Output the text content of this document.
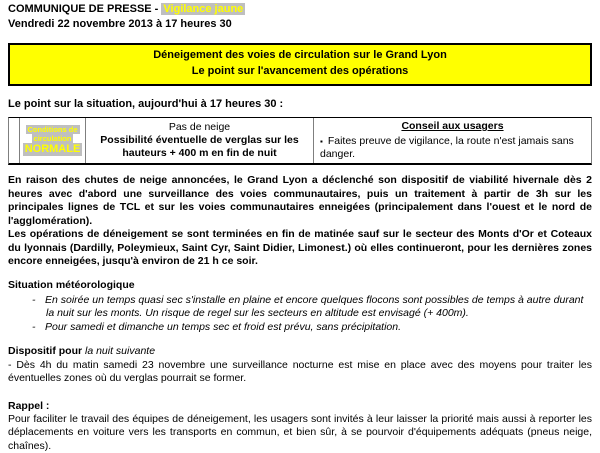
COMMUNIQUE DE PRESSE - Vigilance jaune
Vendredi 22 novembre 2013 à 17 heures 30
Déneigement des voies de circulation sur le Grand Lyon
Le point sur l'avancement des opérations
Le point sur la situation, aujourd'hui à 17 heures 30 :
Conditions de
circulation
NORMALE
Pas de neige
Possibilité éventuelle de verglas sur les hauteurs + 400 m en fin de nuit
Conseil aux usagers
▪ Faites preuve de vigilance, la route n'est jamais sans danger.
En raison des chutes de neige annoncées, le Grand Lyon a déclenché son dispositif de viabilité hivernale dès 2 heures avec d'abord une surveillance des voies communautaires, puis un traitement à partir de 3h sur les principales lignes de TCL et sur les voies communautaires enneigées (principalement dans l'ouest et le nord de l'agglomération).
Les opérations de déneigement se sont terminées en fin de matinée sauf sur le secteur des Monts d'Or et Coteaux du lyonnais (Dardilly, Poleymieux, Saint Cyr, Saint Didier, Limonest.) où elles continueront, pour les dernières zones encore enneigées, jusqu'à environ de 21 h ce soir.
Situation météorologique
- En soirée un temps quasi sec s'installe en plaine et encore quelques flocons sont possibles de temps à autre durant la nuit sur les monts. Un risque de regel sur les secteurs en altitude est envisagé (+ 400m).
- Pour samedi et dimanche un temps sec et froid est prévu, sans précipitation.
Dispositif pour la nuit suivante
- Dès 4h du matin samedi 23 novembre une surveillance nocturne est mise en place avec des moyens pour traiter les éventuelles zones où du verglas pourrait se former.
Rappel :
Pour faciliter le travail des équipes de déneigement, les usagers sont invités à leur laisser la priorité mais aussi à reporter les déplacements en voiture vers les transports en commun, et bien sûr, à se pourvoir d'équipements adéquats (pneus neige, chaînes).
